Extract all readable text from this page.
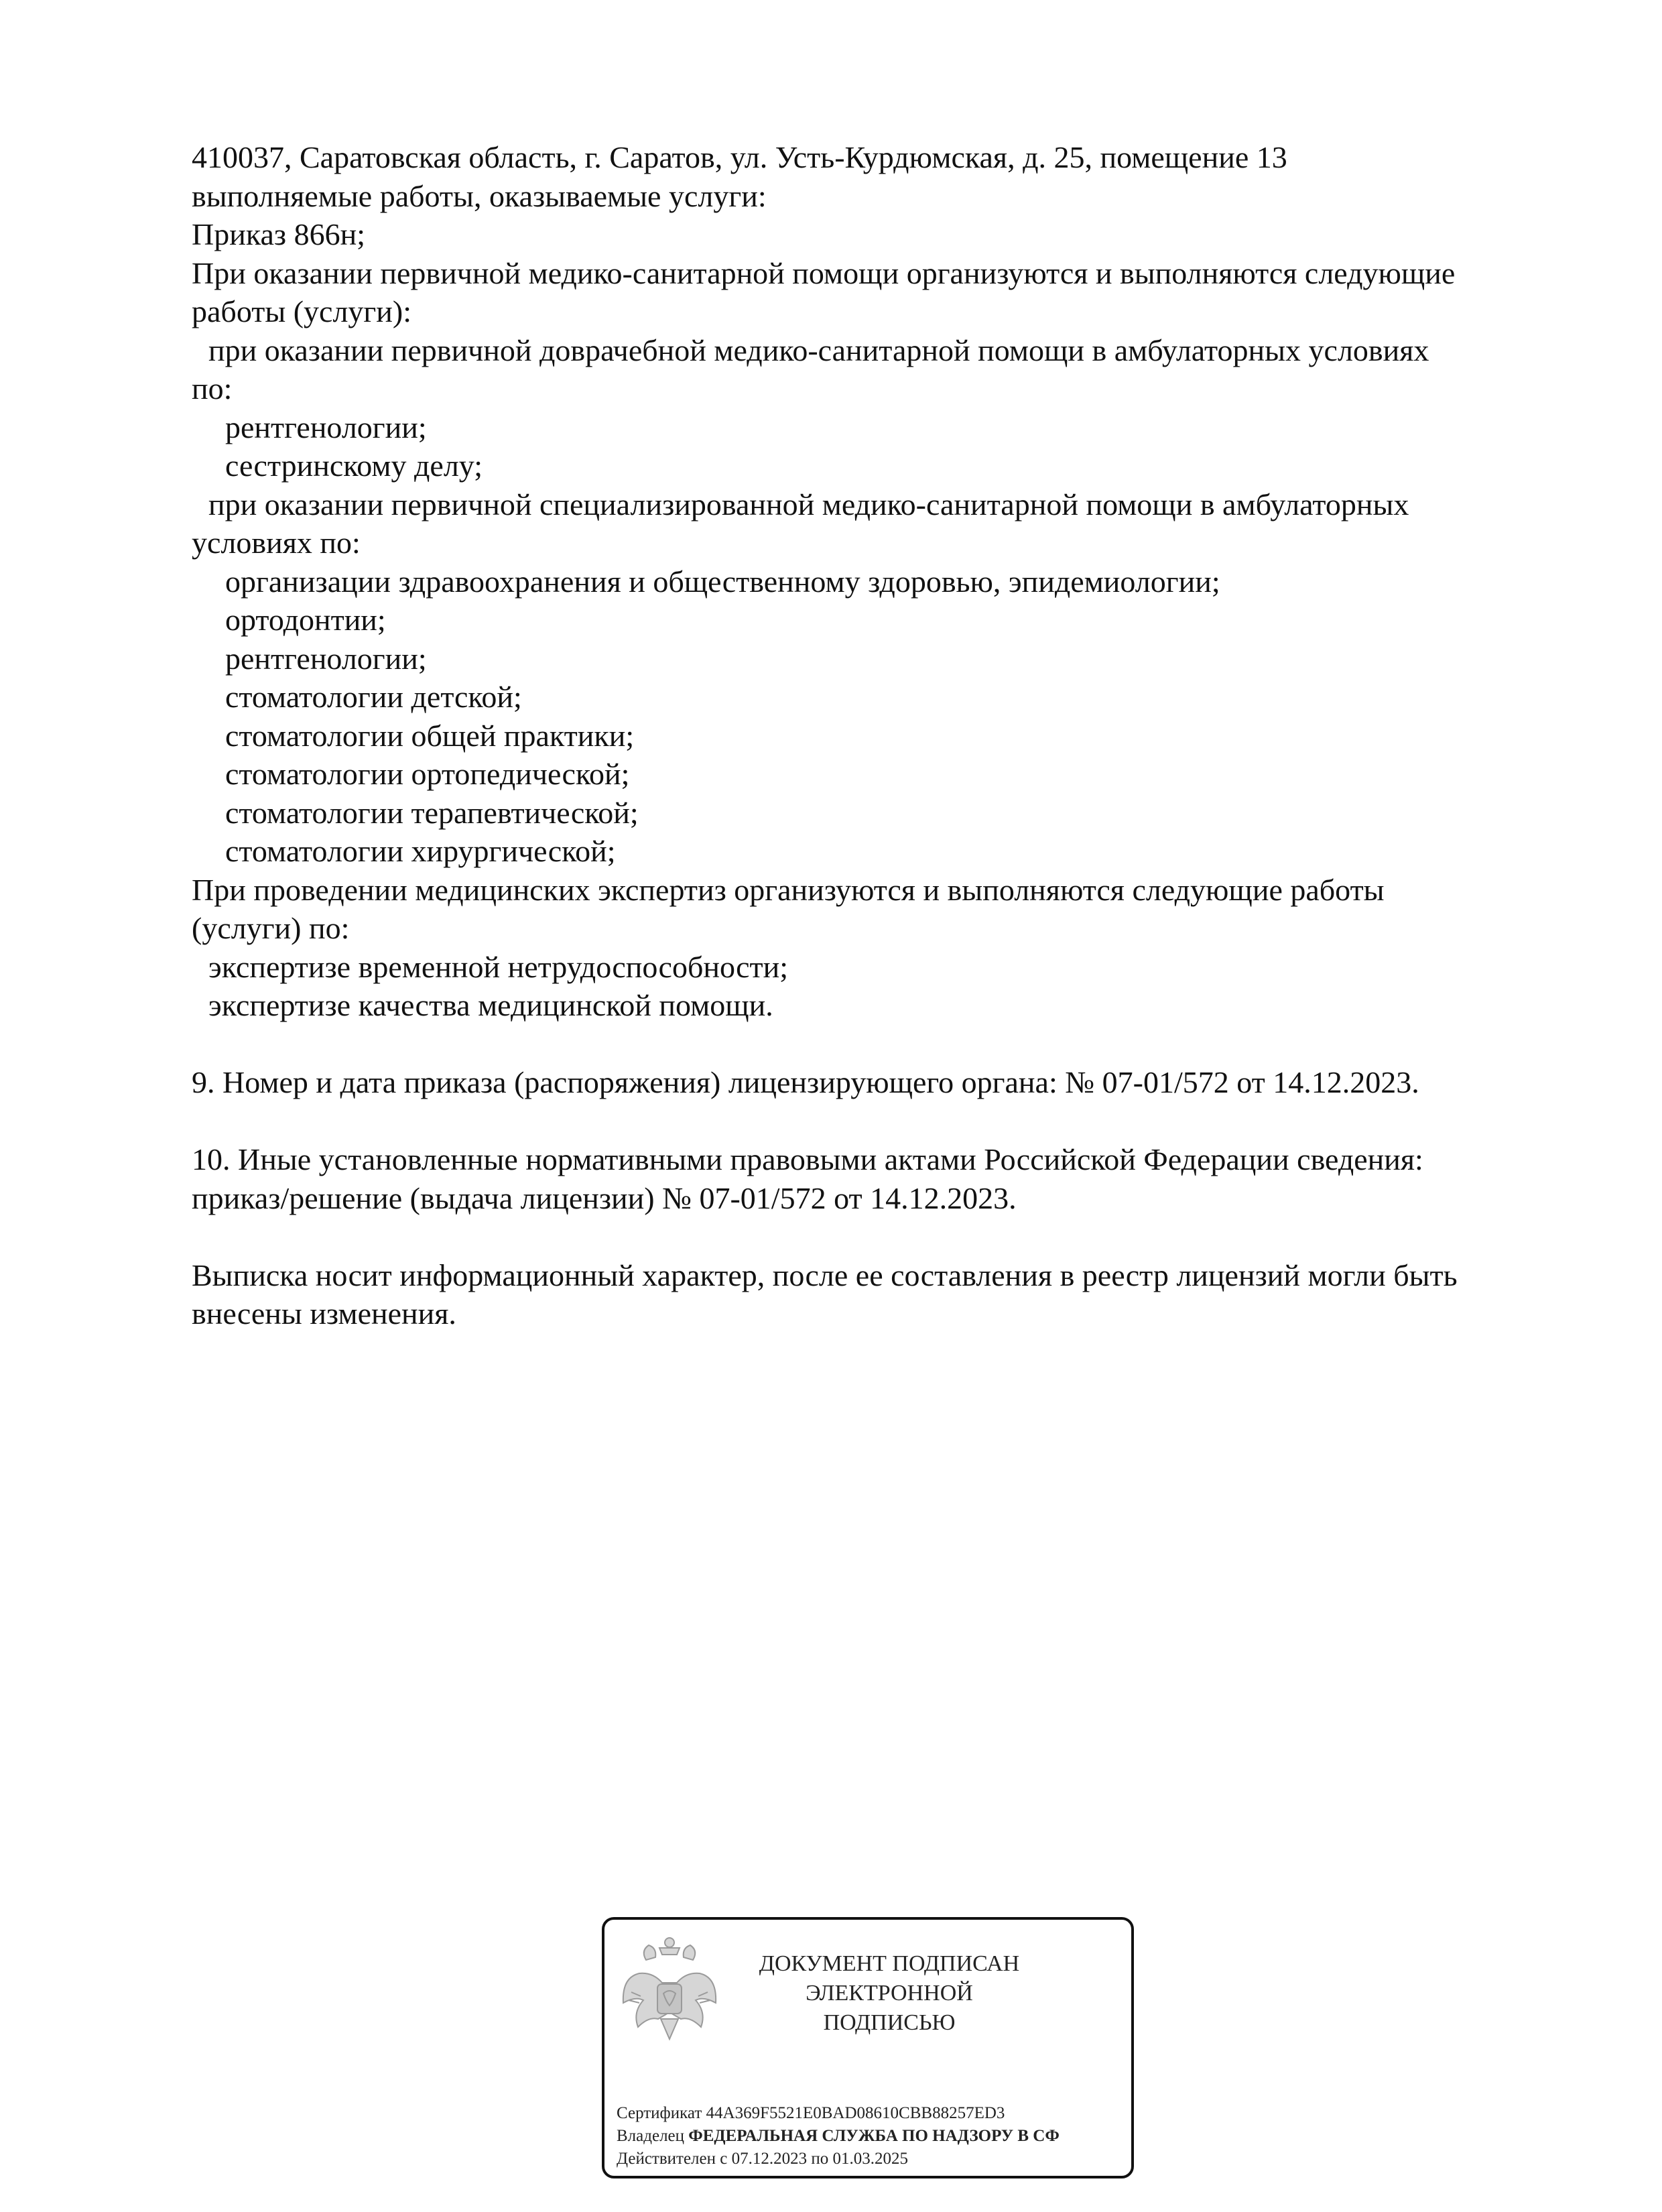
410037, Саратовская область, г. Саратов, ул. Усть-Курдюмская, д. 25, помещение 13

выполняемые работы, оказываемые услуги:

Приказ 866н;

При оказании первичной медико-санитарной помощи организуются и выполняются следующие

работы (услуги):

при оказании первичной доврачебной медико-санитарной помощи в амбулаторных условиях

по:

рентгенологии;

сестринскому делу;

при оказании первичной специализированной медико-санитарной помощи в амбулаторных

условиях по:

организации здравоохранения и общественному здоровью, эпидемиологии;

ортодонтии;

рентгенологии;

стоматологии детской;

стоматологии общей практики;

стоматологии ортопедической;

стоматологии терапевтической;

стоматологии хирургической;

При проведении медицинских экспертиз организуются и выполняются следующие работы

(услуги) по:

экспертизе временной нетрудоспособности;

экспертизе качества медицинской помощи.

9. Номер и дата приказа (распоряжения) лицензирующего органа: № 07-01/572 от 14.12.2023.

10. Иные установленные нормативными правовыми актами Российской Федерации сведения:

приказ/решение (выдача лицензии) № 07-01/572 от 14.12.2023.

Выписка носит информационный характер, после ее составления в реестр лицензий могли быть

внесены изменения.

ДОКУМЕНТ ПОДПИСАН
ЭЛЕКТРОННОЙ ПОДПИСЬЮ
Сертификат 44A369F5521E0BAD08610CBB88257ED3
Владелец ФЕДЕРАЛЬНАЯ СЛУЖБА ПО НАДЗОРУ В СФ
Действителен с 07.12.2023 по 01.03.2025
